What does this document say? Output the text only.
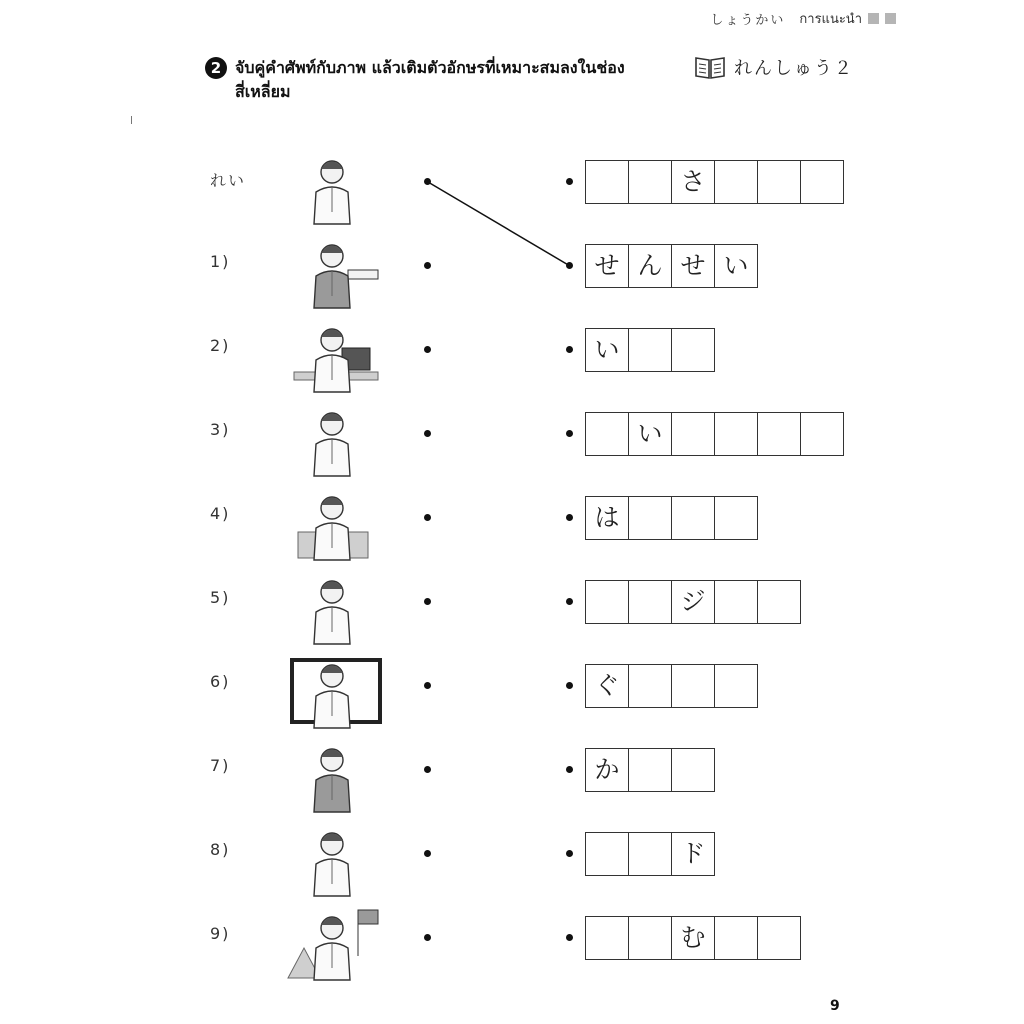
しょうかい การแนะนำ
2 จับคู่คำศัพท์กับภาพ แล้วเติมตัวอักษรที่เหมาะสมลงในช่องสี่เหลี่ยม
れんしゅう２
れい	さ
1)	せ ん せ い
2)	い
3)	い
4)	は
5)	ジ
6)	ぐ
7)	か
8)	ド
9)	む
9
